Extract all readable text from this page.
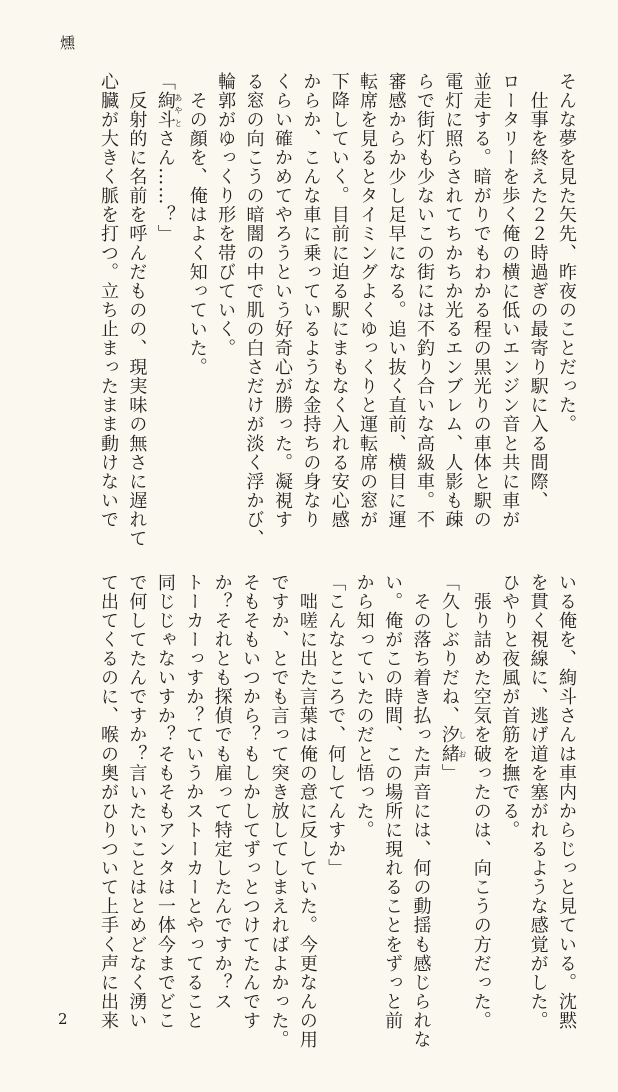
燻
そんな夢を見た矢先、昨夜のことだった。
　仕事を終えた２２時過ぎの最寄り駅に入る間際、
ロータリーを歩く俺の横に低いエンジン音と共に車が
並走する。暗がりでもわかる程の黒光りの車体と駅の
電灯に照らされてちかちか光るエンブレム、人影も疎
らで街灯も少ないこの街には不釣り合いな高級車。不
審感からか少し足早になる。追い抜く直前、横目に運
転席を見るとタイミングよくゆっくりと運転席の窓が
下降していく。目前に迫る駅にまもなく入れる安心感
からか、こんな車に乗っているような金持ちの身なり
くらい確かめてやろうという好奇心が勝った。凝視す
る窓の向こうの暗闇の中で肌の白さだけが淡く浮かび、
輪郭がゆっくり形を帯びていく。
　その顔を、俺はよく知っていた。
「絢斗あやとさん……？」
　反射的に名前を呼んだものの、現実味の無さに遅れて
心臓が大きく脈を打つ。立ち止まったまま動けないで
いる俺を、絢斗さんは車内からじっと見ている。沈黙
を貫く視線に、逃げ道を塞がれるような感覚がした。
ひやりと夜風が首筋を撫でる。
　張り詰めた空気を破ったのは、向こうの方だった。
「久しぶりだね、汐緒しお」
　その落ち着き払った声音には、何の動揺も感じられな
い。俺がこの時間、この場所に現れることをずっと前
から知っていたのだと悟った。
「こんなところで、何してんすか」
　咄嗟に出た言葉は俺の意に反していた。今更なんの用
ですか、とでも言って突き放してしまえればよかった。
そもそもいつから？もしかしてずっとつけてたんです
か？それとも探偵でも雇って特定したんですか？ス
トーカーっすか？ていうかストーカーとやってること
同じじゃないすか？そもそもアンタは一体今までどこ
で何してたんですか？言いたいことはとめどなく湧い
て出てくるのに、喉の奥がひりついて上手く声に出来
2
